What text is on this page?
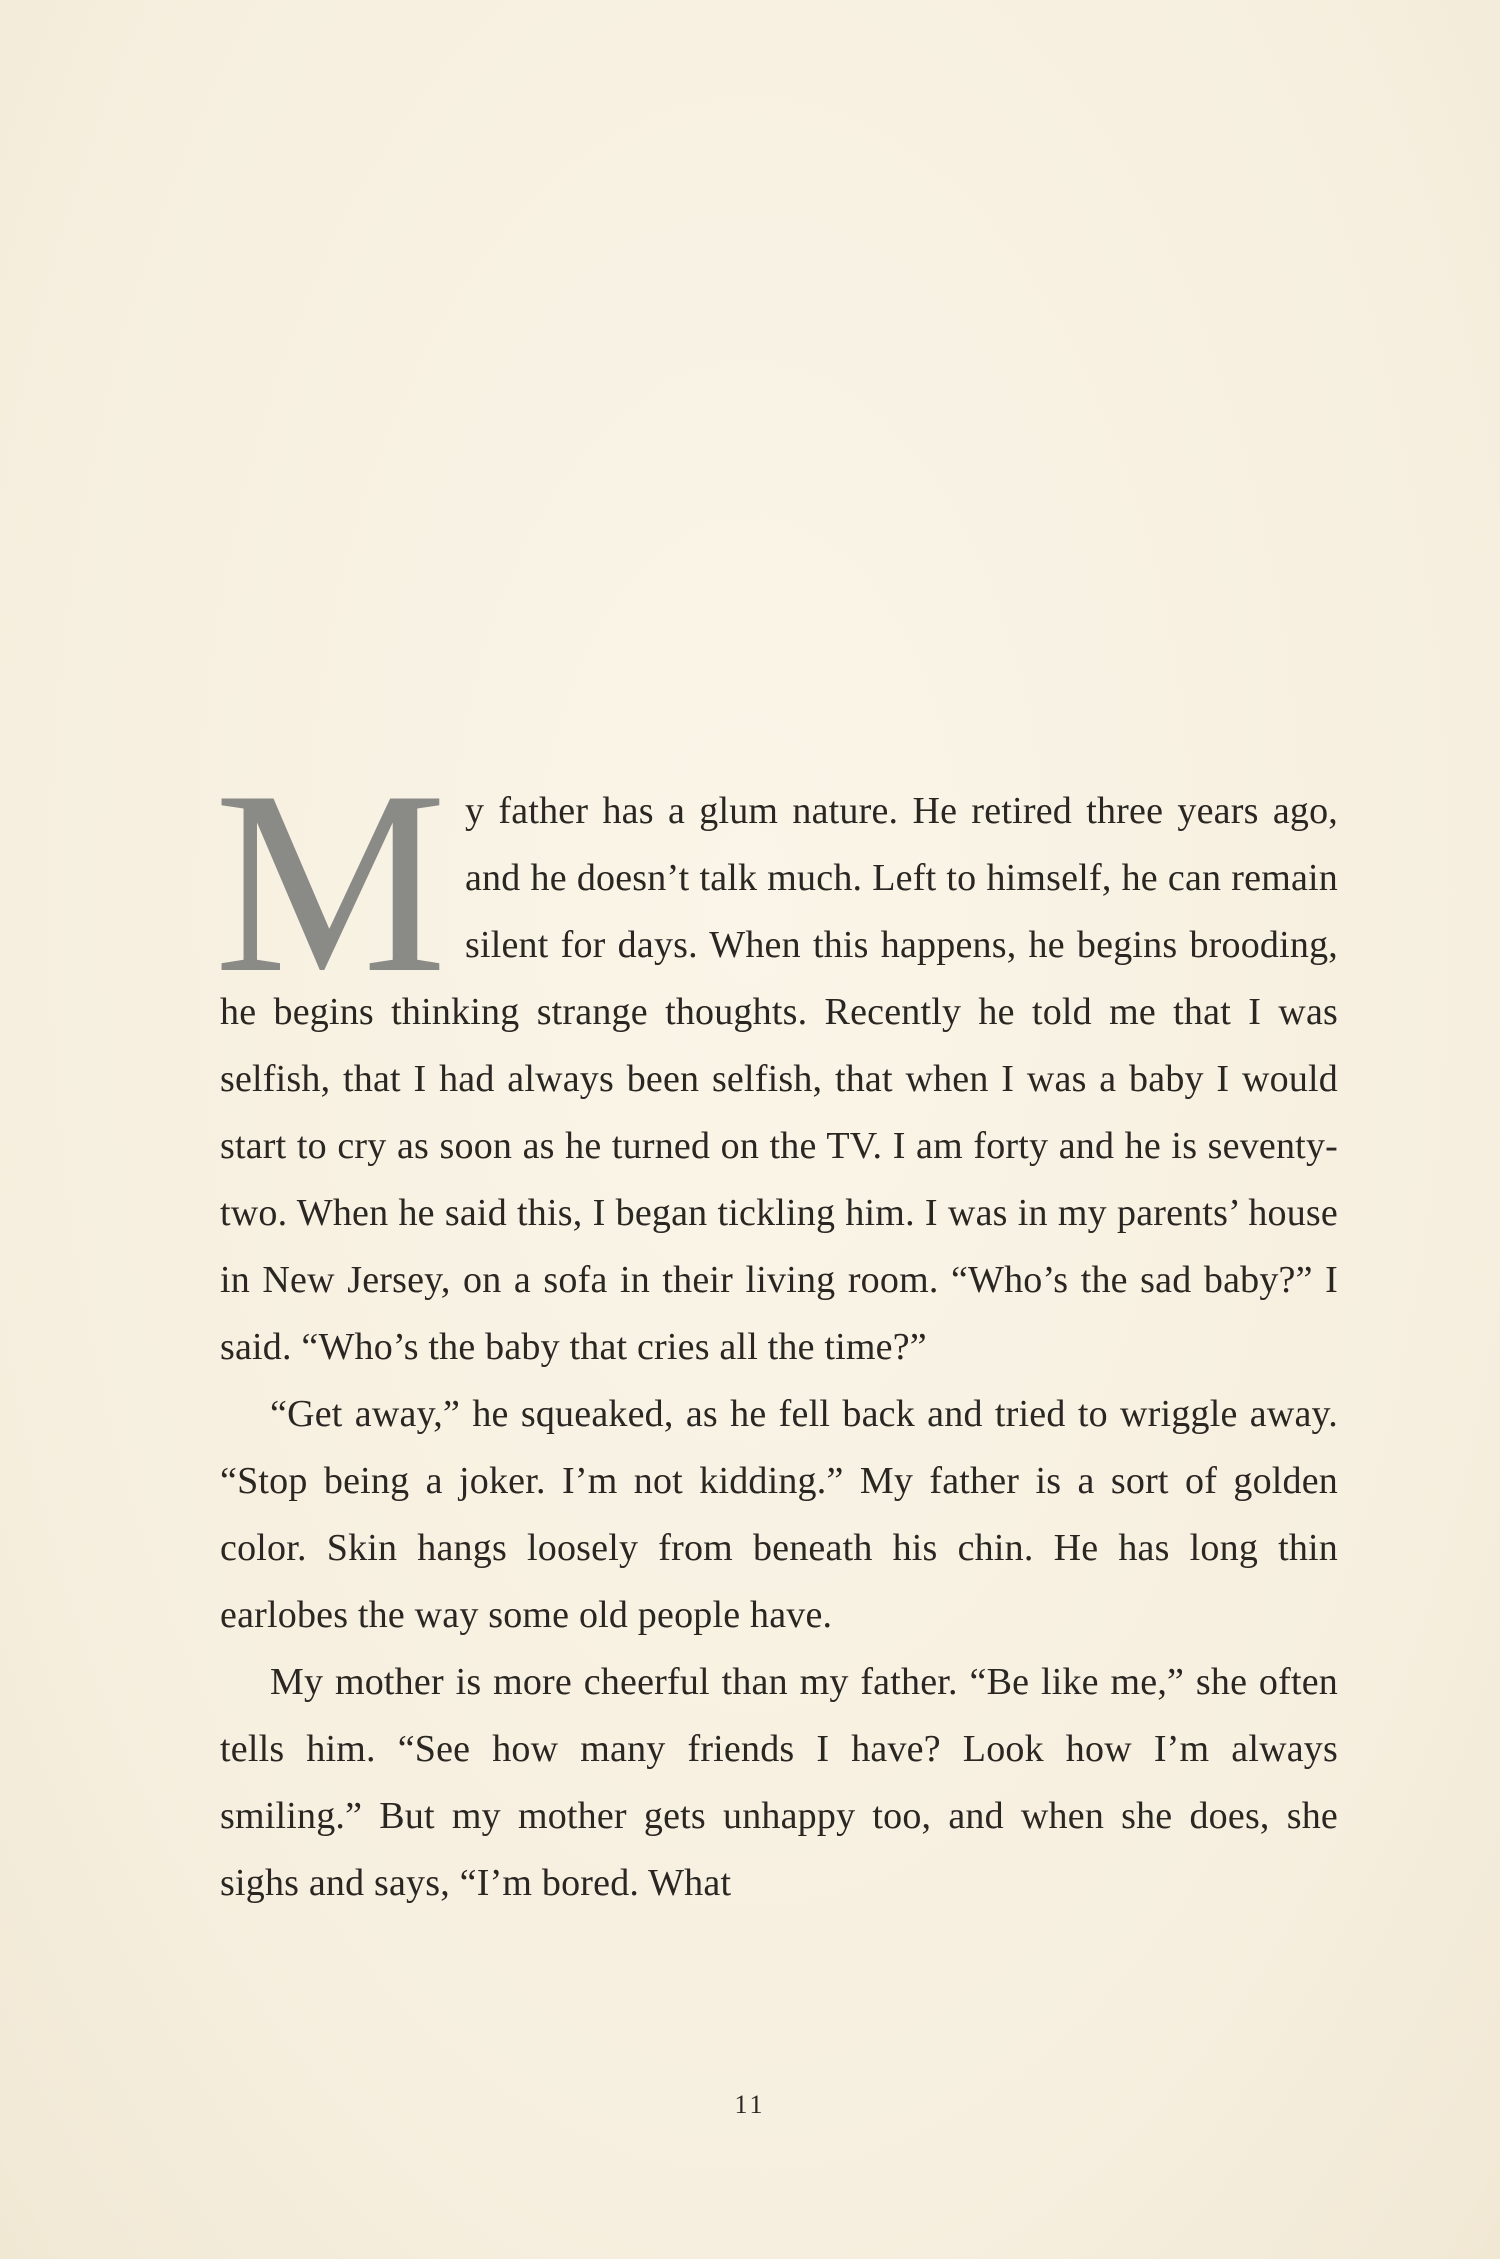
My father has a glum nature. He retired three years ago, and he doesn’t talk much. Left to himself, he can remain silent for days. When this happens, he begins brooding, he begins thinking strange thoughts. Recently he told me that I was selfish, that I had always been selfish, that when I was a baby I would start to cry as soon as he turned on the TV. I am forty and he is seventy-two. When he said this, I began tickling him. I was in my parents’ house in New Jersey, on a sofa in their living room. “Who’s the sad baby?” I said. “Who’s the baby that cries all the time?”

“Get away,” he squeaked, as he fell back and tried to wriggle away. “Stop being a joker. I’m not kidding.” My father is a sort of golden color. Skin hangs loosely from beneath his chin. He has long thin earlobes the way some old people have.

My mother is more cheerful than my father. “Be like me,” she often tells him. “See how many friends I have? Look how I’m always smiling.” But my mother gets unhappy too, and when she does, she sighs and says, “I’m bored. What

11
